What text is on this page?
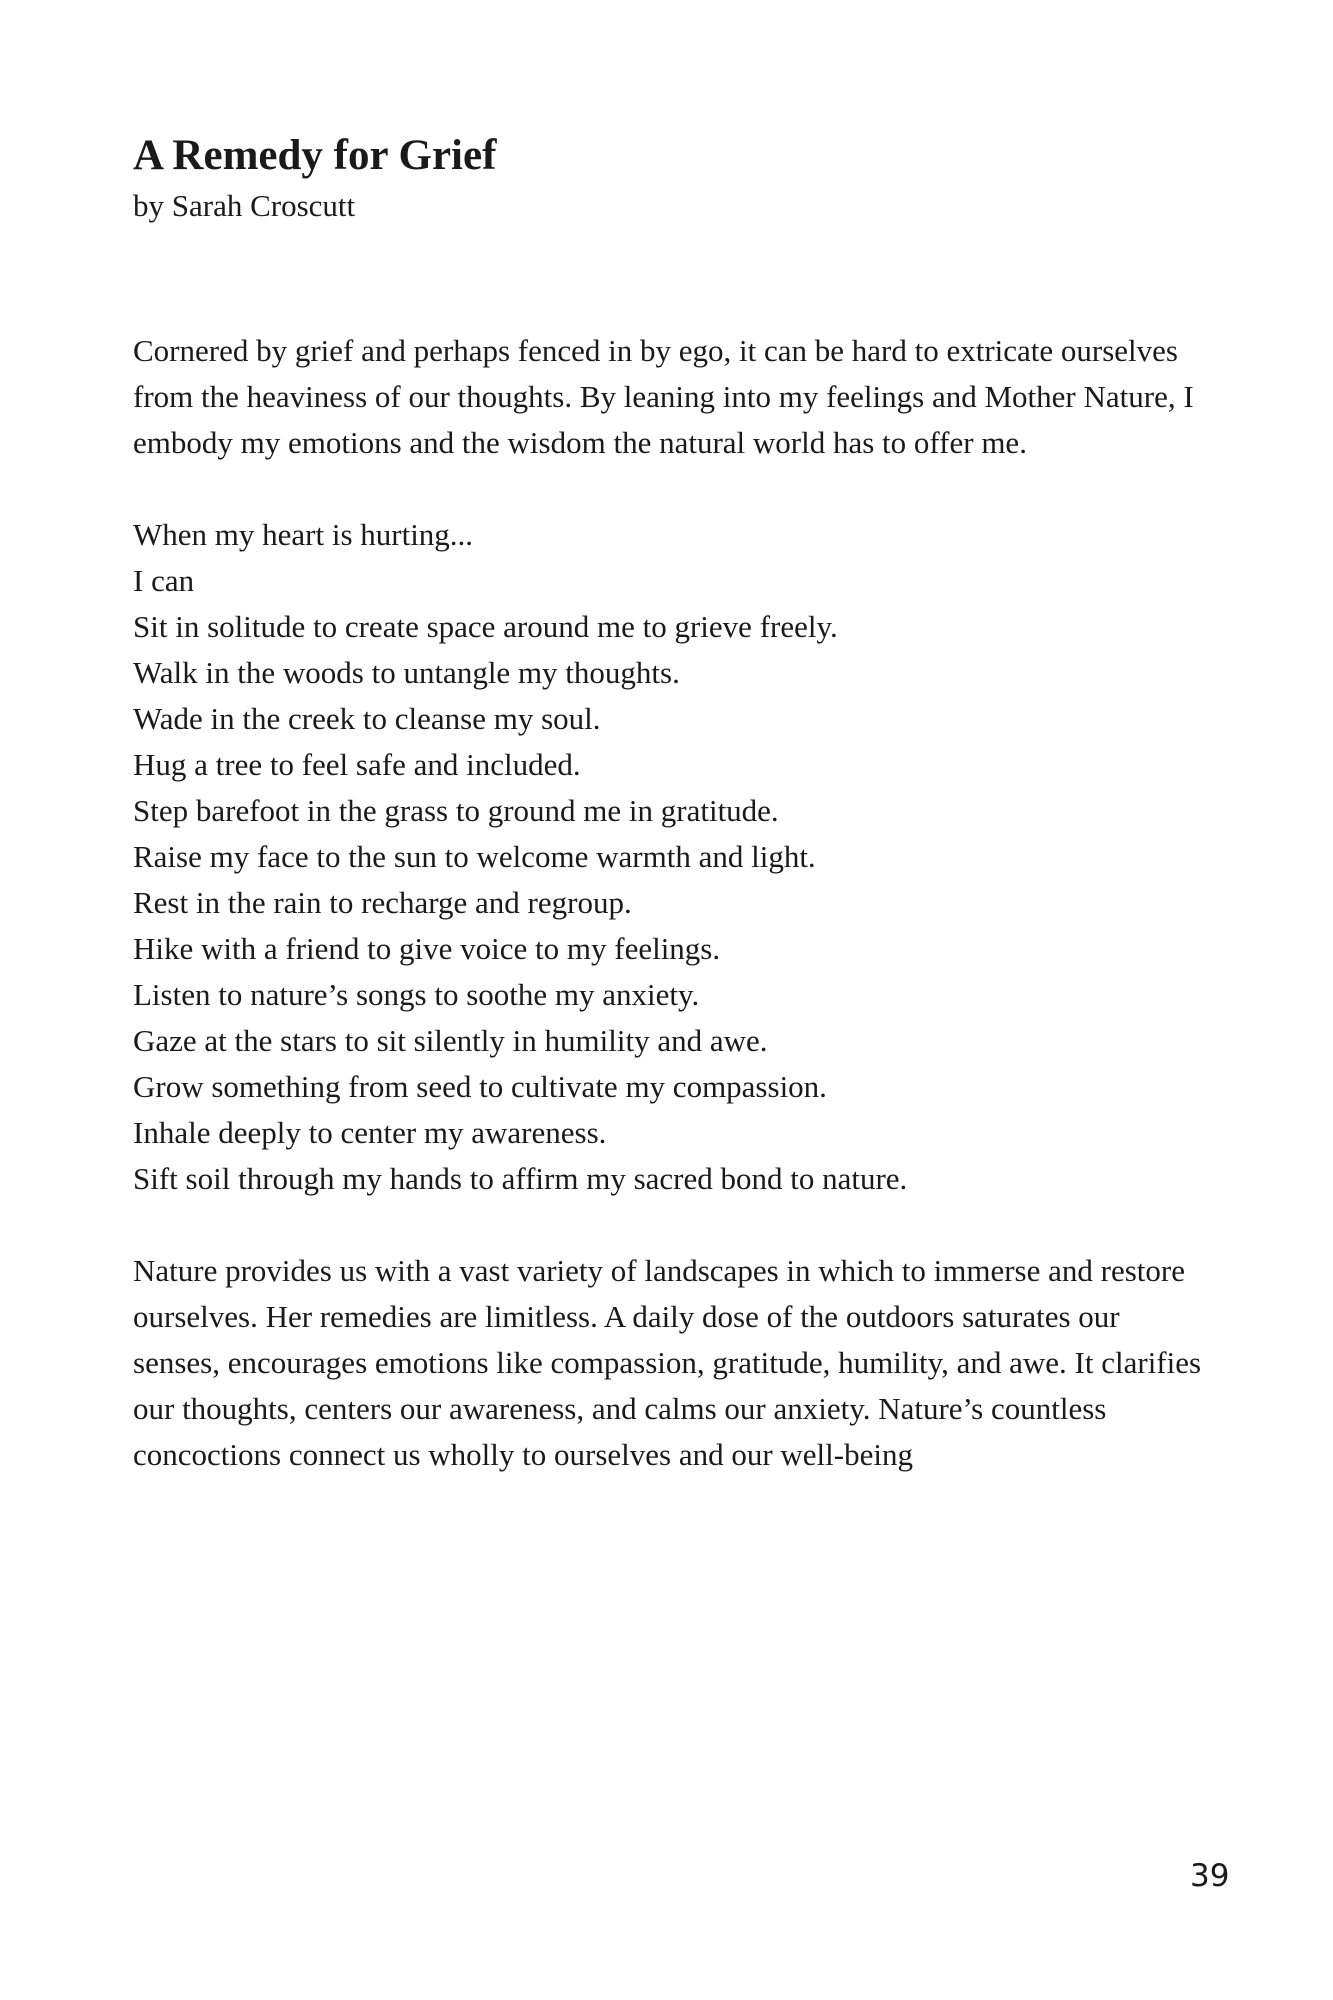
A Remedy for Grief

by Sarah Croscutt

Cornered by grief and perhaps fenced in by ego, it can be hard to extricate ourselves from the heaviness of our thoughts. By leaning into my feelings and Mother Nature, I embody my emotions and the wisdom the natural world has to offer me.

When my heart is hurting...
I can
Sit in solitude to create space around me to grieve freely.
Walk in the woods to untangle my thoughts.
Wade in the creek to cleanse my soul.
Hug a tree to feel safe and included.
Step barefoot in the grass to ground me in gratitude.
Raise my face to the sun to welcome warmth and light.
Rest in the rain to recharge and regroup.
Hike with a friend to give voice to my feelings.
Listen to nature’s songs to soothe my anxiety.
Gaze at the stars to sit silently in humility and awe.
Grow something from seed to cultivate my compassion.
Inhale deeply to center my awareness.
Sift soil through my hands to affirm my sacred bond to nature.

Nature provides us with a vast variety of landscapes in which to immerse and restore ourselves. Her remedies are limitless. A daily dose of the outdoors saturates our senses, encourages emotions like compassion, gratitude, humility, and awe. It clarifies our thoughts, centers our awareness, and calms our anxiety. Nature’s countless concoctions connect us wholly to ourselves and our well-being

39
